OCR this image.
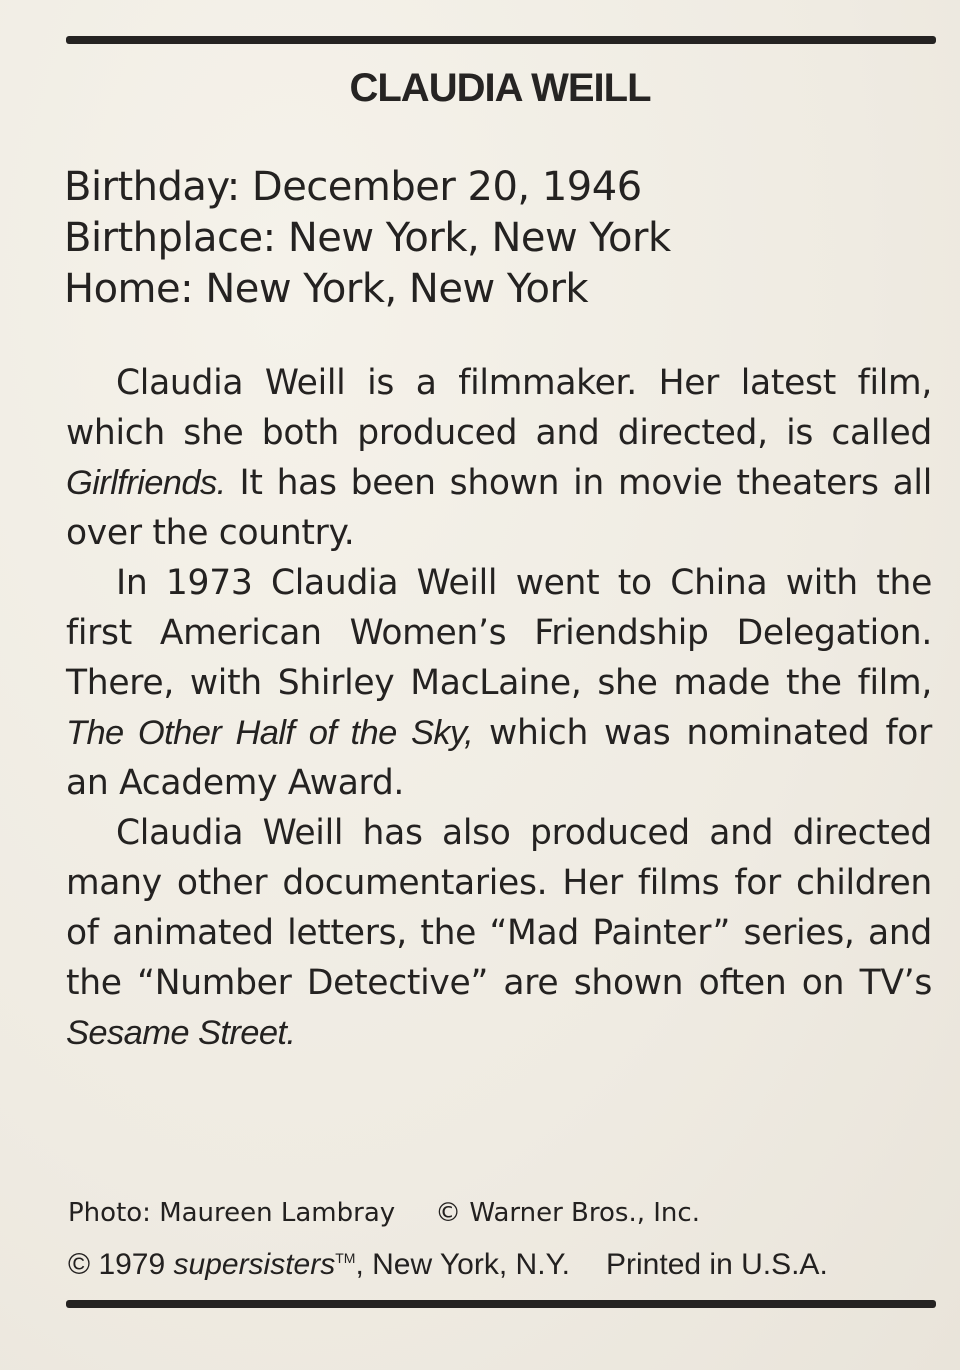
CLAUDIA WEILL
Birthday: December 20, 1946
Birthplace: New York, New York
Home: New York, New York

Claudia Weill is a filmmaker. Her latest film, which she both produced and directed, is called Girlfriends. It has been shown in movie theaters all over the country.

In 1973 Claudia Weill went to China with the first American Women’s Friendship Delegation. There, with Shirley MacLaine, she made the film, The Other Half of the Sky, which was nominated for an Academy Award.

Claudia Weill has also produced and directed many other documentaries. Her films for children of animated letters, the “Mad Painter” series, and the “Number Detective” are shown often on TV’s Sesame Street.

Photo: Maureen Lambray © Warner Bros., Inc.
© 1979 supersisters™, New York, N.Y. Printed in U.S.A.
